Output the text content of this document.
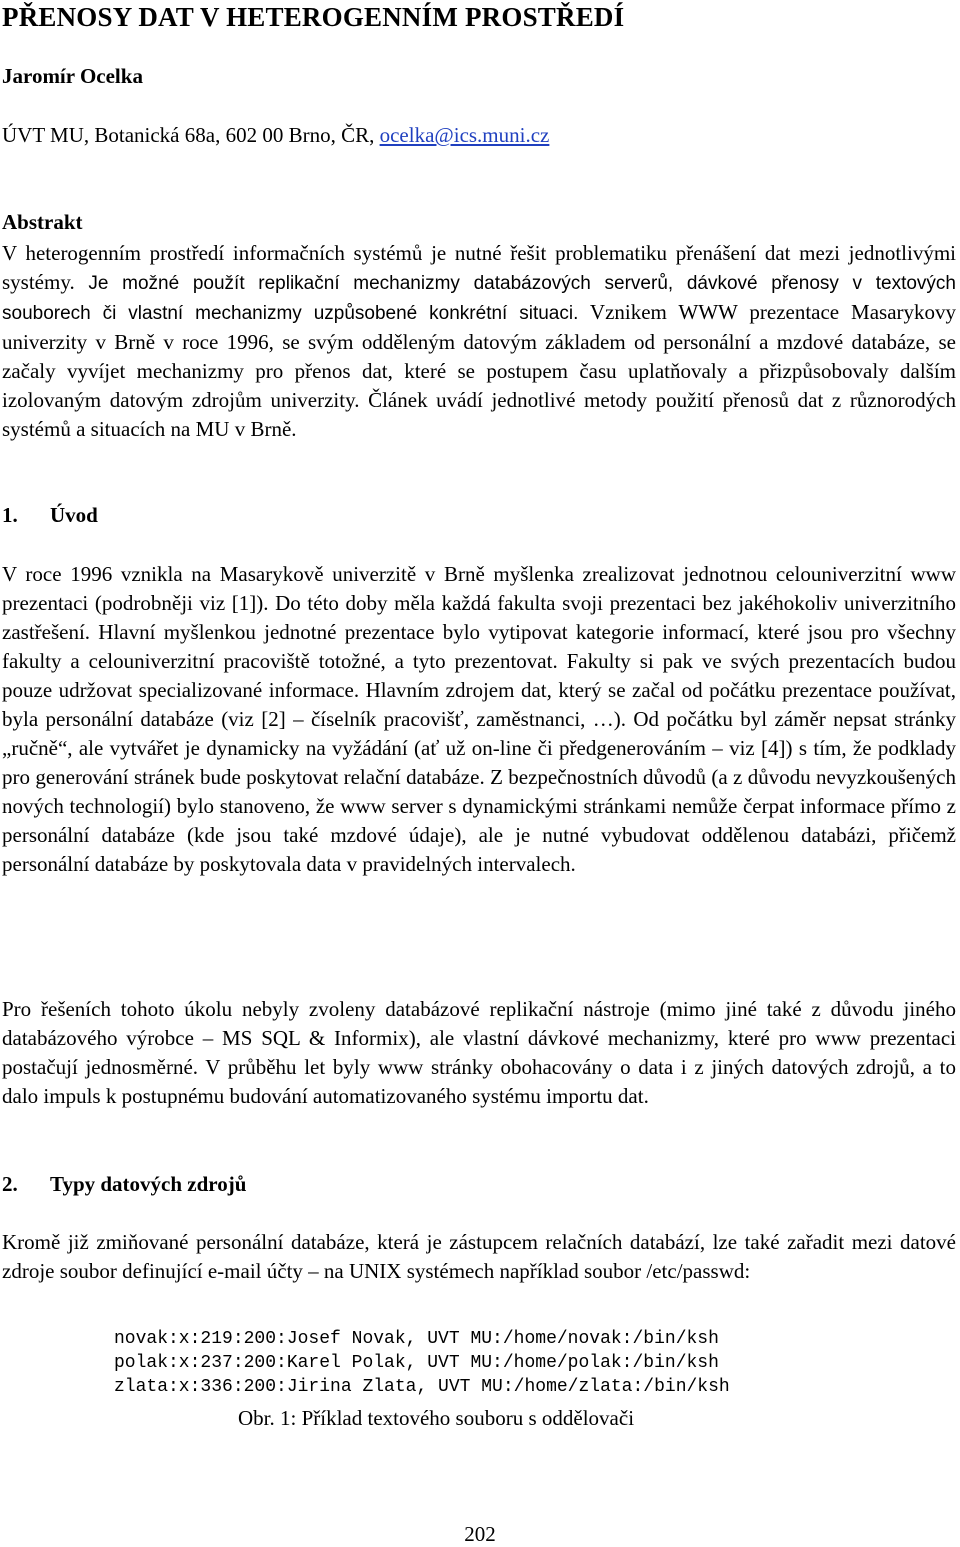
PŘENOSY DAT V HETEROGENNÍM PROSTŘEDÍ
Jaromír Ocelka
ÚVT MU, Botanická 68a, 602 00 Brno, ČR, ocelka@ics.muni.cz
Abstrakt

V heterogenním prostředí informačních systémů je nutné řešit problematiku přenášení dat mezi jednotlivými systémy. Je možné použít replikační mechanizmy databázových serverů, dávkové přenosy v textových souborech či vlastní mechanizmy uzpůsobené konkrétní situaci. Vznikem WWW prezentace Masarykovy univerzity v Brně v roce 1996, se svým odděleným datovým základem od personální a mzdové databáze, se začaly vyvíjet mechanizmy pro přenos dat, které se postupem času uplatňovaly a přizpůsobovaly dalším izolovaným datovým zdrojům univerzity. Článek uvádí jednotlivé metody použití přenosů dat z různorodých systémů a situacích na MU v Brně.

1. Úvod

V roce 1996 vznikla na Masarykově univerzitě v Brně myšlenka zrealizovat jednotnou celouniverzitní www prezentaci (podrobněji viz [1]). Do této doby měla každá fakulta svoji prezentaci bez jakéhokoliv univerzitního zastřešení. Hlavní myšlenkou jednotné prezentace bylo vytipovat kategorie informací, které jsou pro všechny fakulty a celouniverzitní pracoviště totožné, a tyto prezentovat. Fakulty si pak ve svých prezentacích budou pouze udržovat specializované informace. Hlavním zdrojem dat, který se začal od počátku prezentace používat, byla personální databáze (viz [2] – číselník pracovišť, zaměstnanci, …). Od počátku byl záměr nepsat stránky „ručně“, ale vytvářet je dynamicky na vyžádání (ať už on-line či předgenerováním – viz [4]) s tím, že podklady pro generování stránek bude poskytovat relační databáze. Z bezpečnostních důvodů (a z důvodu nevyzkoušených nových technologií) bylo stanoveno, že www server s dynamickými stránkami nemůže čerpat informace přímo z personální databáze (kde jsou také mzdové údaje), ale je nutné vybudovat oddělenou databázi, přičemž personální databáze by poskytovala data v pravidelných intervalech.

Pro řešeních tohoto úkolu nebyly zvoleny databázové replikační nástroje (mimo jiné také z důvodu jiného databázového výrobce – MS SQL & Informix), ale vlastní dávkové mechanizmy, které pro www prezentaci postačují jednosměrné. V průběhu let byly www stránky obohacovány o data i z jiných datových zdrojů, a to dalo impuls k postupnému budování automatizovaného systému importu dat.

2. Typy datových zdrojů

Kromě již zmiňované personální databáze, která je zástupcem relačních databází, lze také zařadit mezi datové zdroje soubor definující e-mail účty – na UNIX systémech například soubor /etc/passwd:

novak:x:219:200:Josef Novak, UVT MU:/home/novak:/bin/ksh
polak:x:237:200:Karel Polak, UVT MU:/home/polak:/bin/ksh
zlata:x:336:200:Jirina Zlata, UVT MU:/home/zlata:/bin/ksh
Obr. 1: Příklad textového souboru s oddělovači
202
